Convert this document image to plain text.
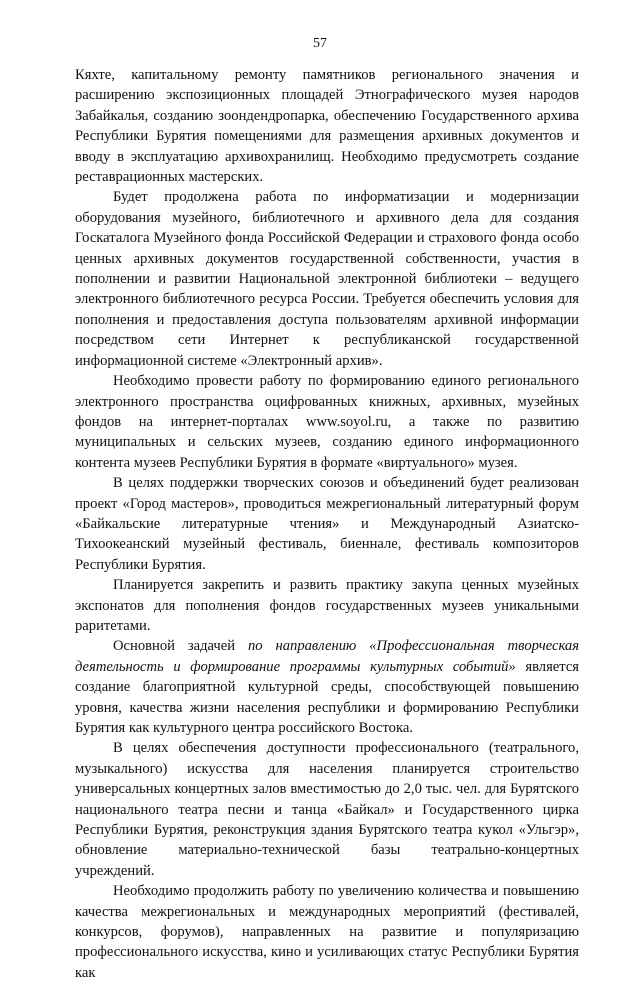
57

Кяхте, капитальному ремонту памятников регионального значения и расширению экспозиционных площадей Этнографического музея народов Забайкалья, созданию зоондендропарка, обеспечению Государственного архива Республики Бурятия помещениями для размещения архивных документов и вводу в эксплуатацию архивохранилищ. Необходимо предусмотреть создание реставрационных мастерских.

Будет продолжена работа по информатизации и модернизации оборудования музейного, библиотечного и архивного дела для создания Госкаталога Музейного фонда Российской Федерации и страхового фонда особо ценных архивных документов государственной собственности, участия в пополнении и развитии Национальной электронной библиотеки – ведущего электронного библиотечного ресурса России. Требуется обеспечить условия для пополнения и предоставления доступа пользователям архивной информации посредством сети Интернет к республиканской государственной информационной системе «Электронный архив».

Необходимо провести работу по формированию единого регионального электронного пространства оцифрованных книжных, архивных, музейных фондов на интернет-порталах www.soyol.ru, а также по развитию муниципальных и сельских музеев, созданию единого информационного контента музеев Республики Бурятия в формате «виртуального» музея.

В целях поддержки творческих союзов и объединений будет реализован проект «Город мастеров», проводиться межрегиональный литературный форум «Байкальские литературные чтения» и Международный Азиатско-Тихоокеанский музейный фестиваль, биеннале, фестиваль композиторов Республики Бурятия.

Планируется закрепить и развить практику закупа ценных музейных экспонатов для пополнения фондов государственных музеев уникальными раритетами.

Основной задачей по направлению «Профессиональная творческая деятельность и формирование программы культурных событий» является создание благоприятной культурной среды, способствующей повышению уровня, качества жизни населения республики и формированию Республики Бурятия как культурного центра российского Востока.

В целях обеспечения доступности профессионального (театрального, музыкального) искусства для населения планируется строительство универсальных концертных залов вместимостью до 2,0 тыс. чел. для Бурятского национального театра песни и танца «Байкал» и Государственного цирка Республики Бурятия, реконструкция здания Бурятского театра кукол «Ульгэр», обновление материально-технической базы театрально-концертных учреждений.

Необходимо продолжить работу по увеличению количества и повышению качества межрегиональных и международных мероприятий (фестивалей, конкурсов, форумов), направленных на развитие и популяризацию профессионального искусства, кино и усиливающих статус Республики Бурятия как
